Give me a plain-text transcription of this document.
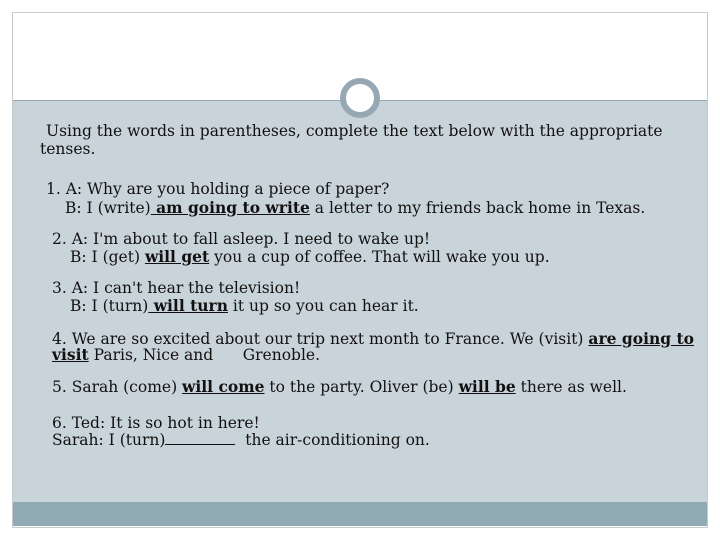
Using the words in parentheses, complete the text below with the appropriate

tenses.

1. A: Why are you holding a piece of paper?

B: I (write) am going to write a letter to my friends back home in Texas.

2. A: I'm about to fall asleep. I need to wake up!

B: I (get) will get you a cup of coffee. That will wake you up.

3. A: I can't hear the television!

B: I (turn) will turn it up so you can hear it.

4. We are so excited about our trip next month to France. We (visit) are going to

visit Paris, Nice and      Grenoble.

5. Sarah (come) will come to the party. Oliver (be) will be there as well.

6. Ted: It is so hot in here!

Sarah: I (turn)	the air-conditioning on.
